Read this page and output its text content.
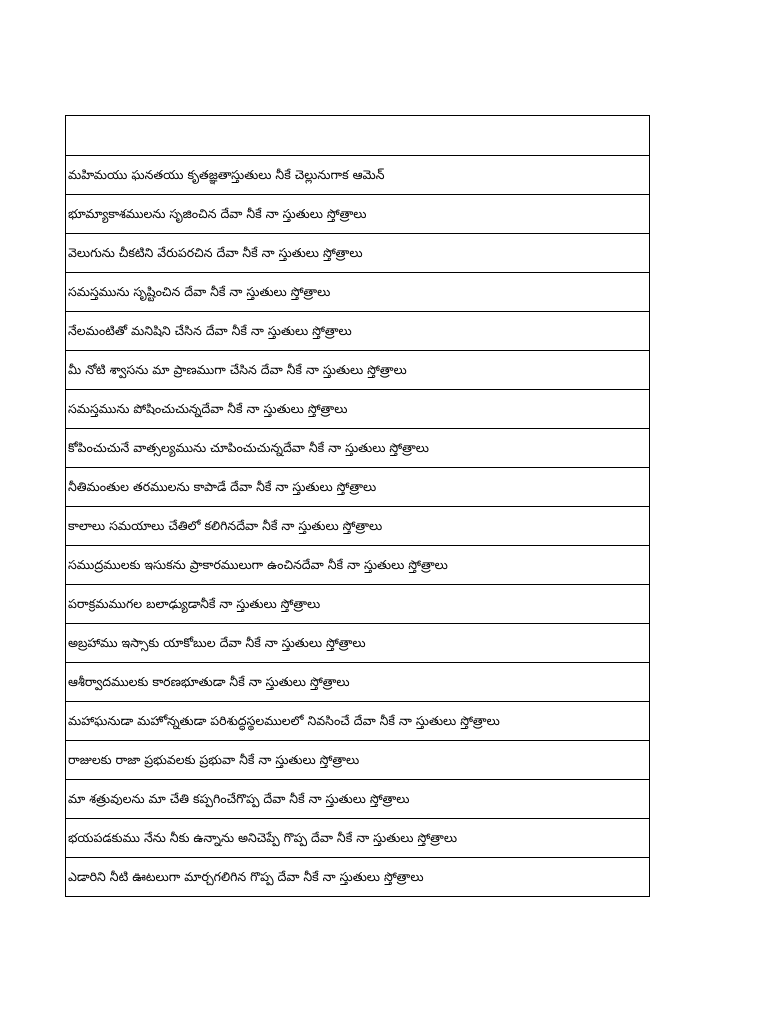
మహిమయు ఘనతయు కృతజ్ఞతాస్తుతులు నీకే చెల్లునుగాక ఆమెన్
భూమ్యాకాశములను సృజించిన దేవా నీకే నా స్తుతులు స్తోత్రాలు
వెలుగును చీకటిని వేరుపరచిన దేవా నీకే నా స్తుతులు స్తోత్రాలు
సమస్తమును సృష్టించిన దేవా నీకే నా స్తుతులు స్తోత్రాలు
నేలమంటితో మనిషిని చేసిన దేవా నీకే నా స్తుతులు స్తోత్రాలు
మీ నోటి శ్వాసను మా ప్రాణముగా చేసిన దేవా నీకే నా స్తుతులు స్తోత్రాలు
సమస్తమును పోషించుచున్నదేవా నీకే నా స్తుతులు స్తోత్రాలు
కోపించుచునే వాత్సల్యమును చూపించుచున్నదేవా నీకే నా స్తుతులు స్తోత్రాలు
నీతిమంతుల తరములను కాపాడే దేవా నీకే నా స్తుతులు స్తోత్రాలు
కాలాలు సమయాలు చేతిలో కలిగినదేవా నీకే నా స్తుతులు స్తోత్రాలు
సముద్రములకు ఇసుకను ప్రాకారములుగా ఉంచినదేవా నీకే నా స్తుతులు స్తోత్రాలు
పరాక్రమముగల బలాఢ్యుడానీకే నా స్తుతులు స్తోత్రాలు
అబ్రహాము ఇస్సాకు యాకోబుల దేవా నీకే నా స్తుతులు స్తోత్రాలు
ఆశీర్వాదములకు కారణభూతుడా నీకే నా స్తుతులు స్తోత్రాలు
మహాఘనుడా మహోన్నతుడా పరిశుద్ధస్థలములలో నివసించే దేవా నీకే నా స్తుతులు స్తోత్రాలు
రాజులకు రాజా ప్రభువలకు ప్రభువా నీకే నా స్తుతులు స్తోత్రాలు
మా శత్రువులను మా చేతి కప్పగించేగొప్ప దేవా నీకే నా స్తుతులు స్తోత్రాలు
భయపడకుము నేను నీకు ఉన్నాను అనిచెప్పే గొప్ప దేవా నీకే నా స్తుతులు స్తోత్రాలు
ఎడారిని నీటి ఊటలుగా మార్చగలిగిన గొప్ప దేవా నీకే నా స్తుతులు స్తోత్రాలు
